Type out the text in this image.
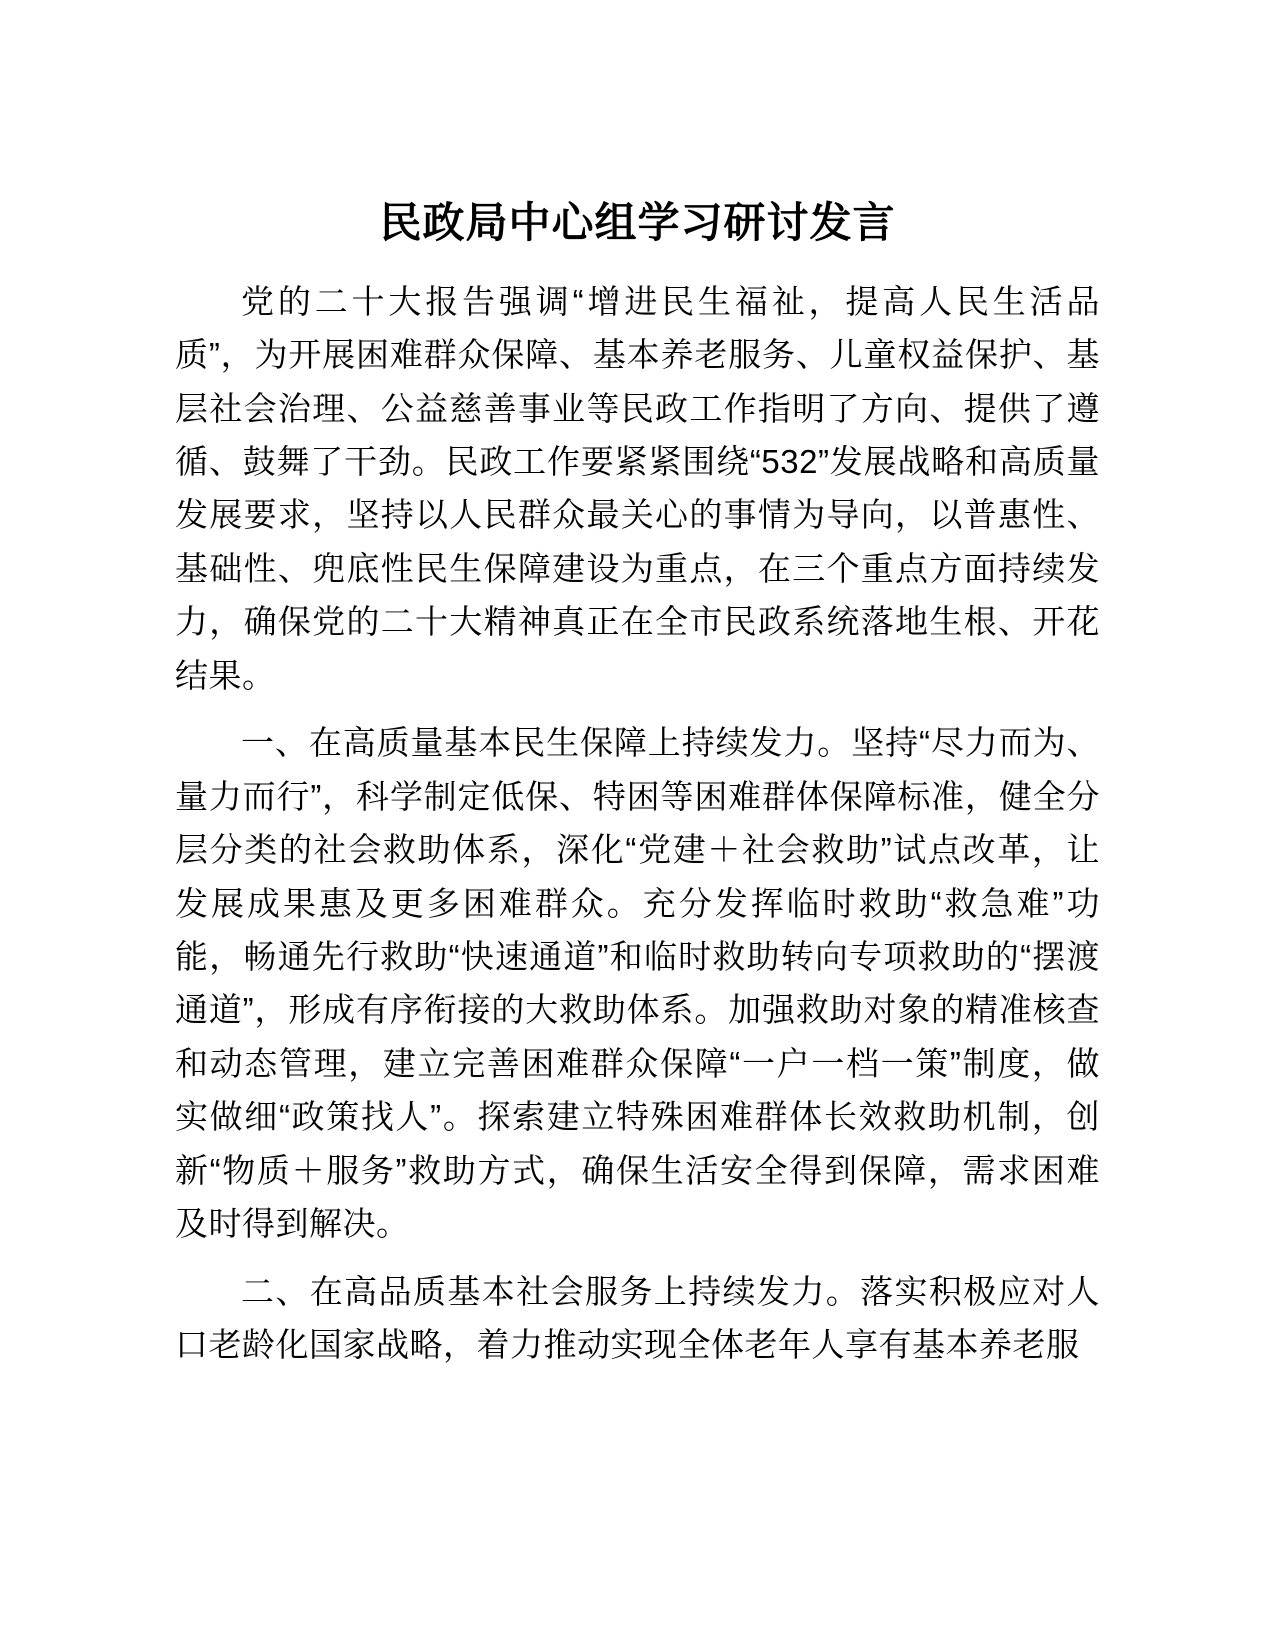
民政局中心组学习研讨发言

党的二十大报告强调“增进民生福祉，提高人民生活品质”，为开展困难群众保障、基本养老服务、儿童权益保护、基层社会治理、公益慈善事业等民政工作指明了方向、提供了遵循、鼓舞了干劲。民政工作要紧紧围绕“532”发展战略和高质量发展要求，坚持以人民群众最关心的事情为导向，以普惠性、基础性、兜底性民生保障建设为重点，在三个重点方面持续发力，确保党的二十大精神真正在全市民政系统落地生根、开花结果。

一、在高质量基本民生保障上持续发力。坚持“尽力而为、量力而行”，科学制定低保、特困等困难群体保障标准，健全分层分类的社会救助体系，深化“党建＋社会救助”试点改革，让发展成果惠及更多困难群众。充分发挥临时救助“救急难”功能，畅通先行救助“快速通道”和临时救助转向专项救助的“摆渡通道”，形成有序衔接的大救助体系。加强救助对象的精准核查和动态管理，建立完善困难群众保障“一户一档一策”制度，做实做细“政策找人”。探索建立特殊困难群体长效救助机制，创新“物质＋服务”救助方式，确保生活安全得到保障，需求困难及时得到解决。

二、在高品质基本社会服务上持续发力。落实积极应对人口老龄化国家战略，着力推动实现全体老年人享有基本养老服
